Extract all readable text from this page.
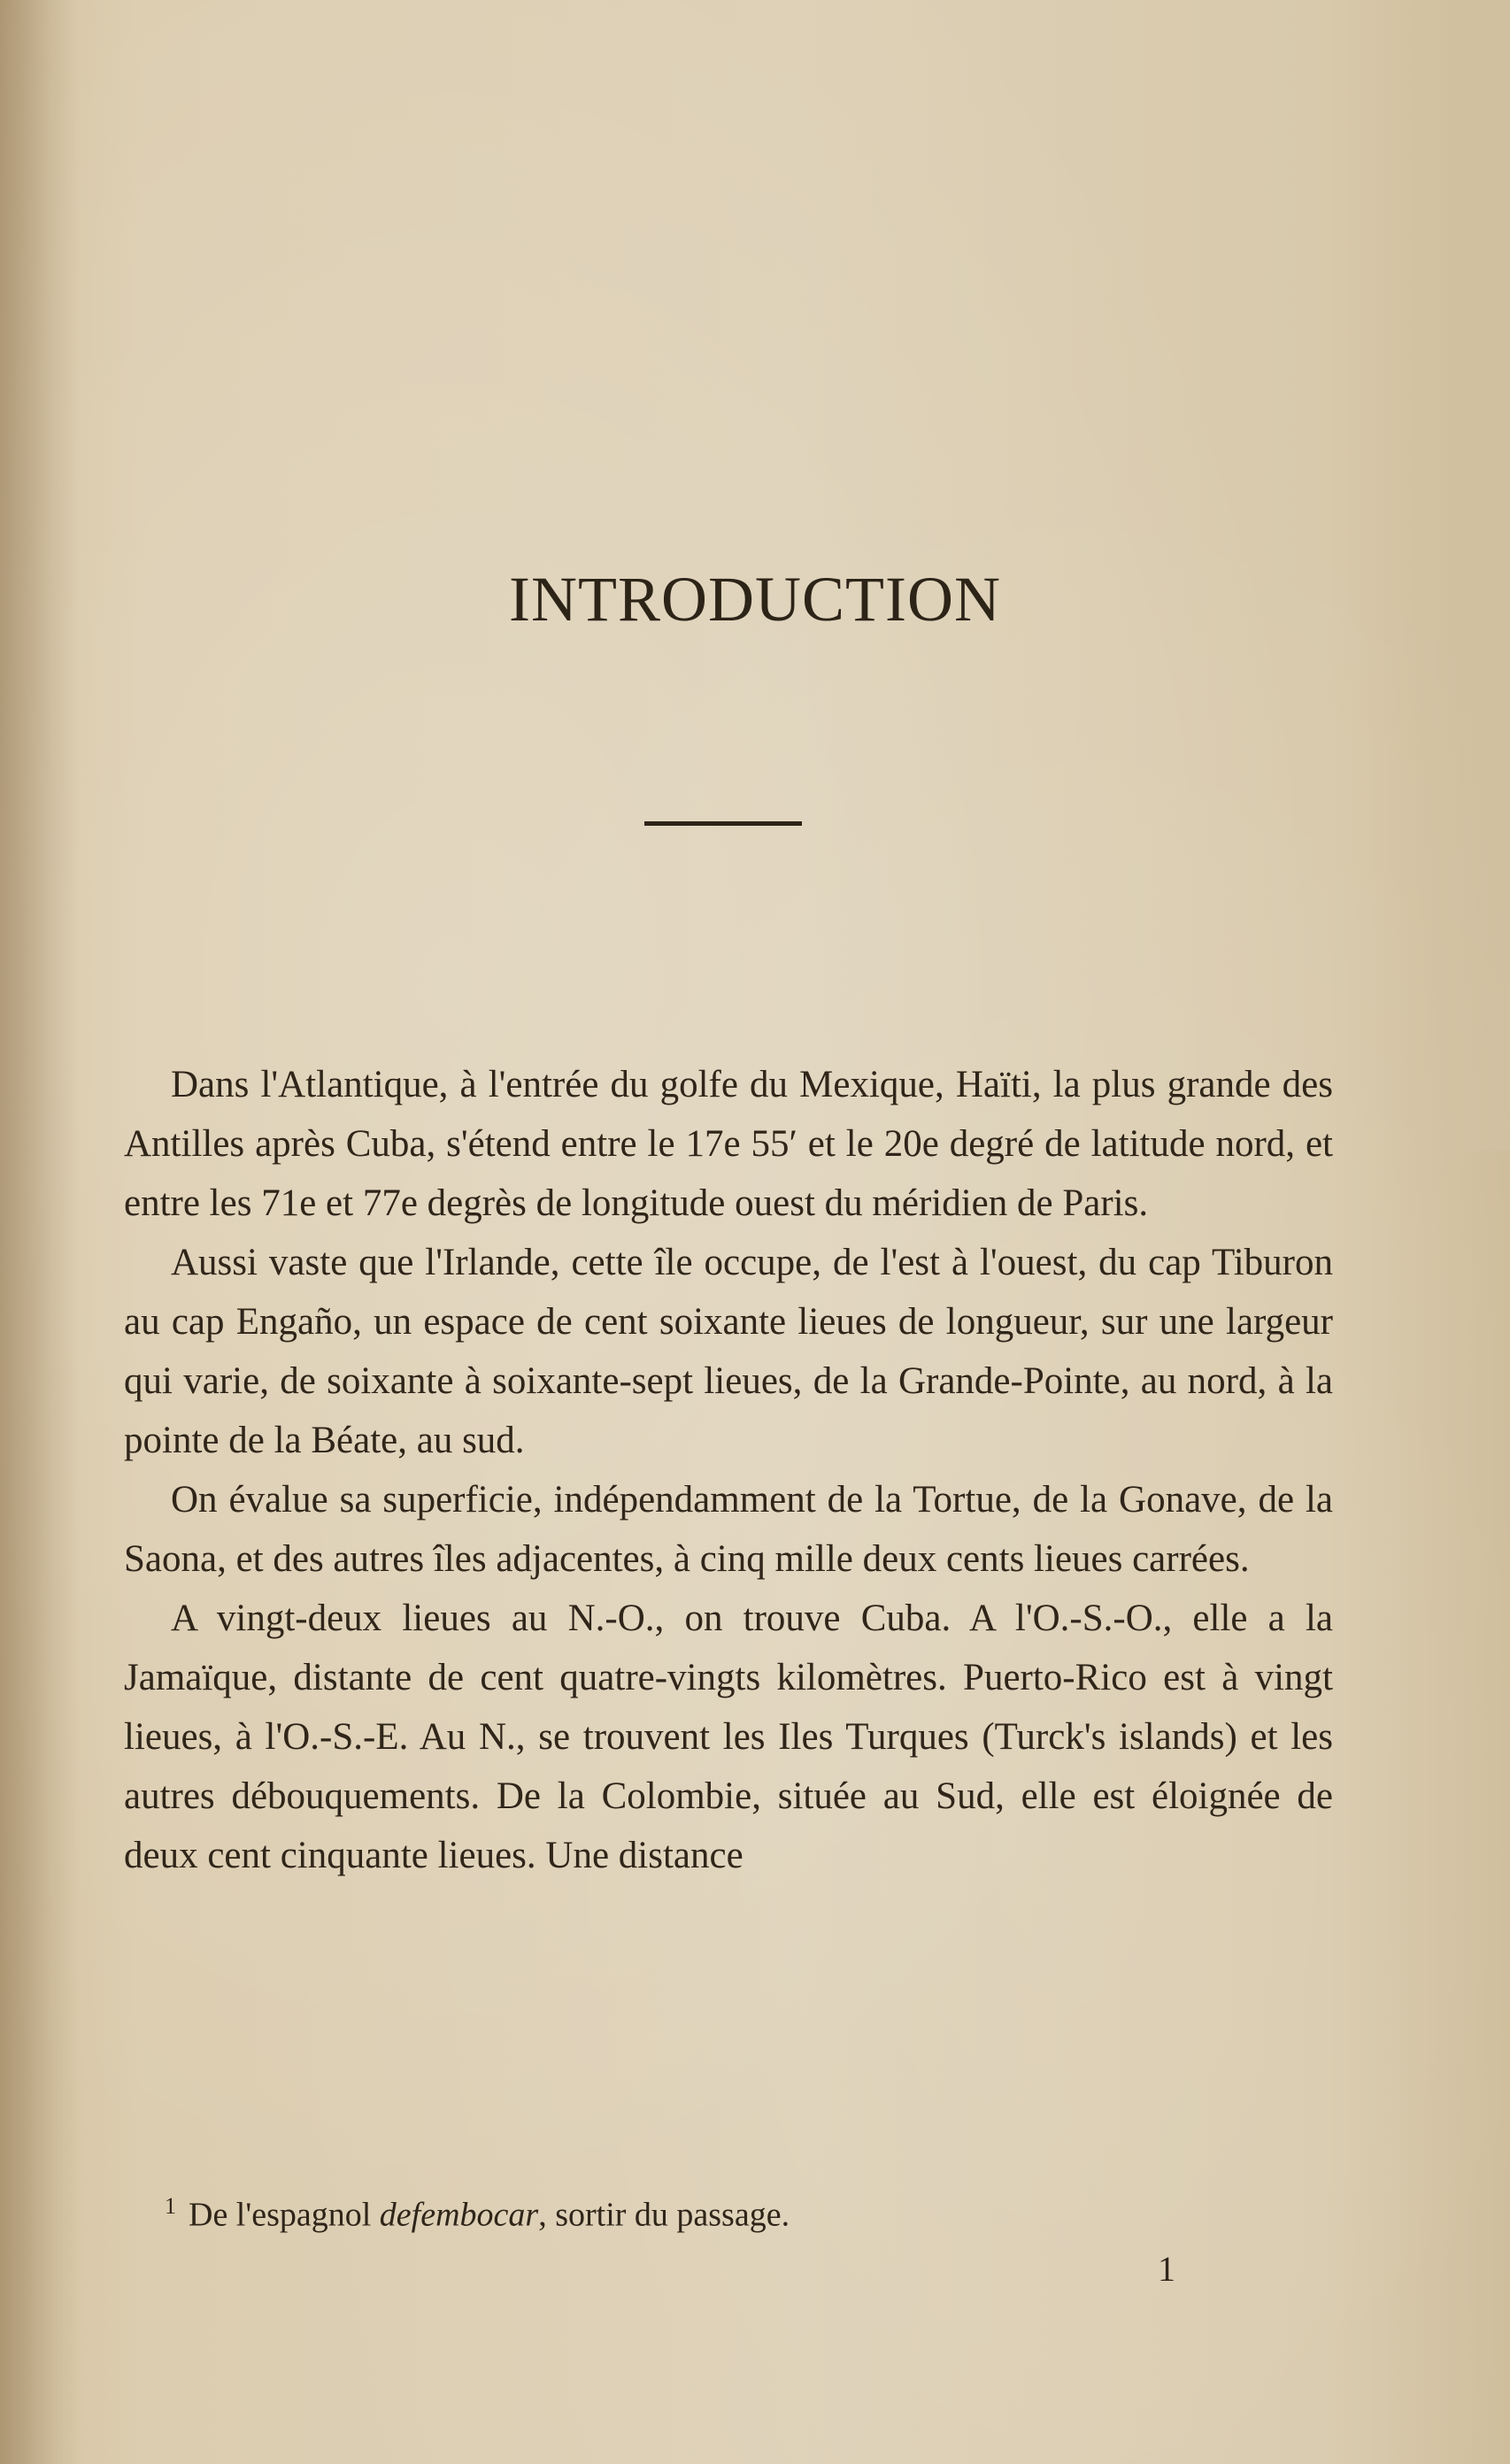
INTRODUCTION

Dans l'Atlantique, à l'entrée du golfe du Mexique, Haïti, la plus grande des Antilles après Cuba, s'étend entre le 17e 55′ et le 20e degré de latitude nord, et entre les 71e et 77e degrès de longitude ouest du méridien de Paris.

Aussi vaste que l'Irlande, cette île occupe, de l'est à l'ouest, du cap Tiburon au cap Engaño, un espace de cent soixante lieues de longueur, sur une largeur qui varie, de soixante à soixante-sept lieues, de la Grande-Pointe, au nord, à la pointe de la Béate, au sud.

On évalue sa superficie, indépendamment de la Tortue, de la Gonave, de la Saona, et des autres îles adjacentes, à cinq mille deux cents lieues carrées.

A vingt-deux lieues au N.-O., on trouve Cuba. A l'O.-S.-O., elle a la Jamaïque, distante de cent quatre-vingts kilomètres. Puerto-Rico est à vingt lieues, à l'O.-S.-E. Au N., se trouvent les Iles Turques (Turck's islands) et les autres débouquements. De la Colombie, située au Sud, elle est éloignée de deux cent cinquante lieues. Une distance

$^1$ De l'espagnol defembocar, sortir du passage.
1
